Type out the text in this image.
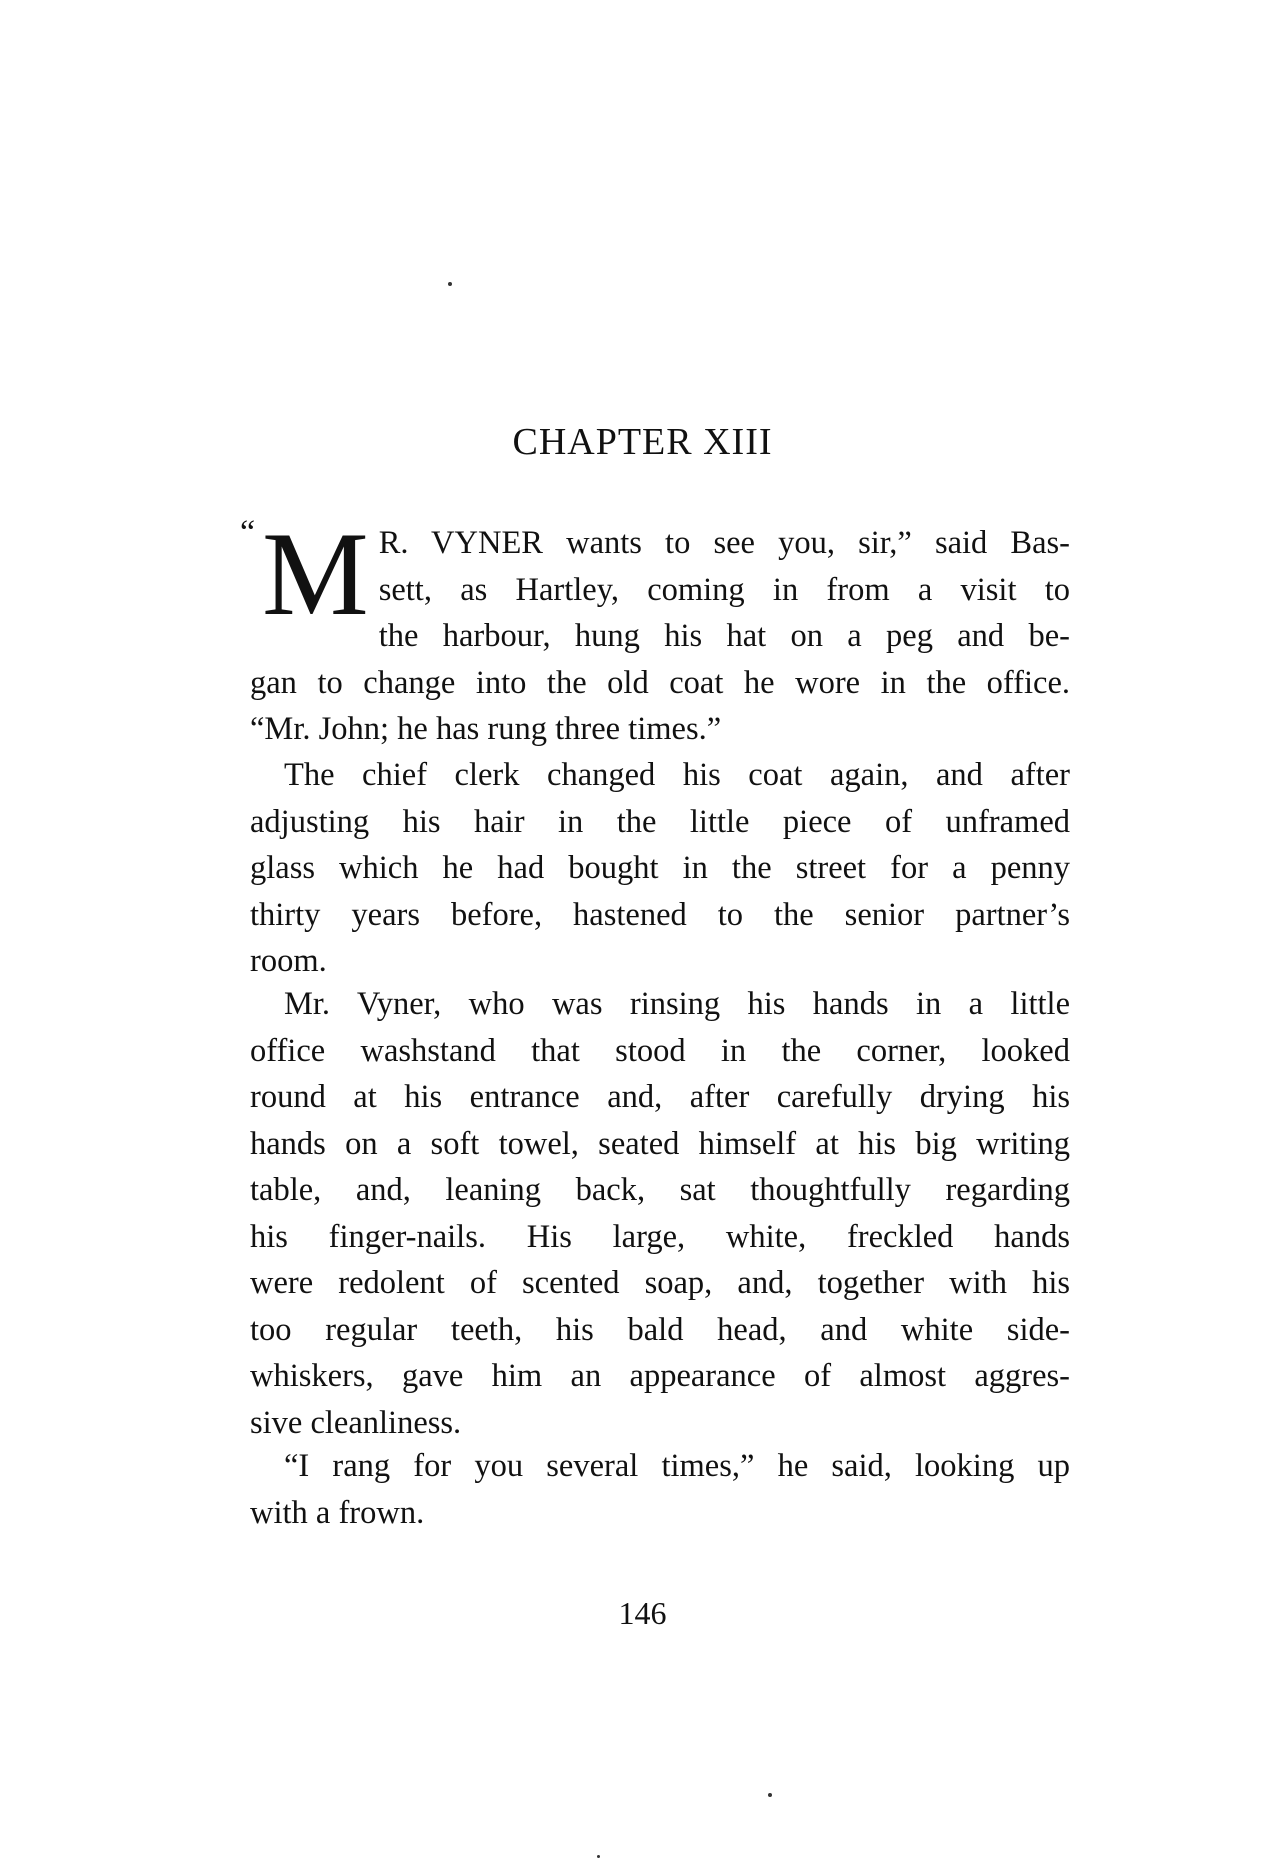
CHAPTER XIII
“ M R. VYNER wants to see you, sir,” said Bas-
sett, as Hartley, coming in from a visit to
the harbour, hung his hat on a peg and be-
gan to change into the old coat he wore in the office.
“Mr. John; he has rung three times.”
The chief clerk changed his coat again, and after
adjusting his hair in the little piece of unframed
glass which he had bought in the street for a penny
thirty years before, hastened to the senior partner’s
room.
Mr. Vyner, who was rinsing his hands in a little
office washstand that stood in the corner, looked
round at his entrance and, after carefully drying his
hands on a soft towel, seated himself at his big writing
table, and, leaning back, sat thoughtfully regarding
his finger-nails. His large, white, freckled hands
were redolent of scented soap, and, together with his
too regular teeth, his bald head, and white side-
whiskers, gave him an appearance of almost aggres-
sive cleanliness.
“I rang for you several times,” he said, looking up
with a frown.
146
